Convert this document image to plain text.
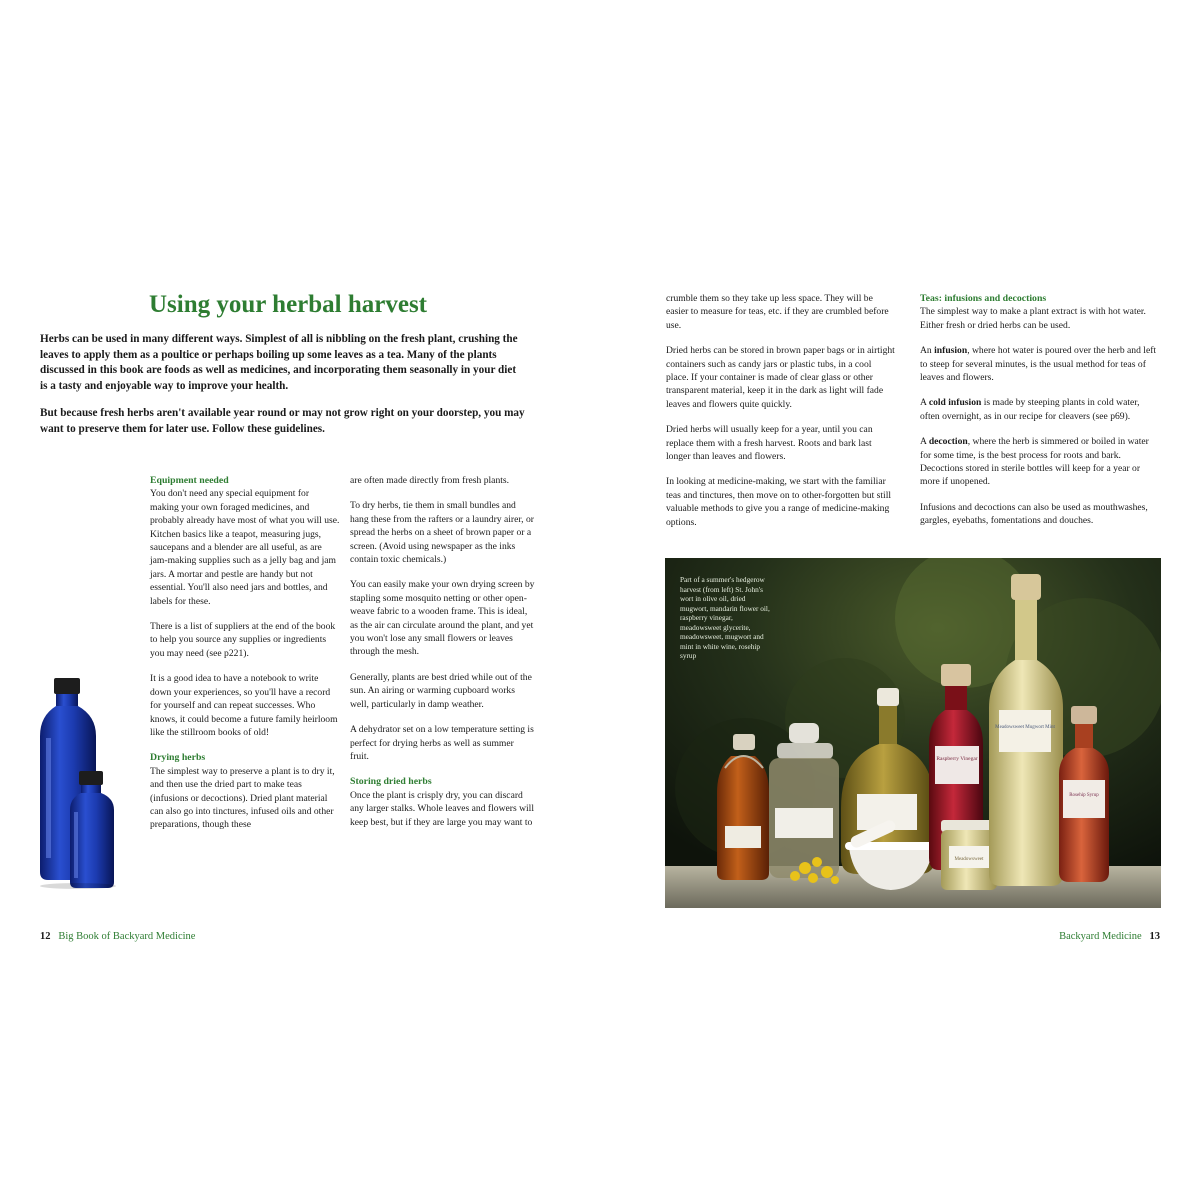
Using your herbal harvest

Herbs can be used in many different ways. Simplest of all is nibbling on the fresh plant, crushing the leaves to apply them as a poultice or perhaps boiling up some leaves as a tea. Many of the plants discussed in this book are foods as well as medicines, and incorporating them seasonally in your diet is a tasty and enjoyable way to improve your health.

But because fresh herbs aren't available year round or may not grow right on your doorstep, you may want to preserve them for later use. Follow these guidelines.

Equipment needed

You don't need any special equipment for making your own foraged medicines, and probably already have most of what you will use. Kitchen basics like a teapot, measuring jugs, saucepans and a blender are all useful, as are jam-making supplies such as a jelly bag and jam jars. A mortar and pestle are handy but not essential. You'll also need jars and bottles, and labels for these.

There is a list of suppliers at the end of the book to help you source any supplies or ingredients you may need (see p221).

It is a good idea to have a notebook to write down your experiences, so you'll have a record for yourself and can repeat successes. Who knows, it could become a future family heirloom like the stillroom books of old!

Drying herbs

The simplest way to preserve a plant is to dry it, and then use the dried part to make teas (infusions or decoctions). Dried plant material can also go into tinctures, infused oils and other preparations, though these

are often made directly from fresh plants.

To dry herbs, tie them in small bundles and hang these from the rafters or a laundry airer, or spread the herbs on a sheet of brown paper or a screen. (Avoid using newspaper as the inks contain toxic chemicals.)

You can easily make your own drying screen by stapling some mosquito netting or other open-weave fabric to a wooden frame. This is ideal, as the air can circulate around the plant, and yet you won't lose any small flowers or leaves through the mesh.

Generally, plants are best dried while out of the sun. An airing or warming cupboard works well, particularly in damp weather.

A dehydrator set on a low temperature setting is perfect for drying herbs as well as summer fruit.

Storing dried herbs

Once the plant is crisply dry, you can discard any larger stalks. Whole leaves and flowers will keep best, but if they are large you may want to

12 Big Book of Backyard Medicine

crumble them so they take up less space. They will be easier to measure for teas, etc. if they are crumbled before use.

Dried herbs can be stored in brown paper bags or in airtight containers such as candy jars or plastic tubs, in a cool place. If your container is made of clear glass or other transparent material, keep it in the dark as light will fade leaves and flowers quite quickly.

Dried herbs will usually keep for a year, until you can replace them with a fresh harvest. Roots and bark last longer than leaves and flowers.

In looking at medicine-making, we start with the familiar teas and tinctures, then move on to other-forgotten but still valuable methods to give you a range of medicine-making options.

Teas: infusions and decoctions

The simplest way to make a plant extract is with hot water. Either fresh or dried herbs can be used.

An infusion, where hot water is poured over the herb and left to steep for several minutes, is the usual method for teas of leaves and flowers.

A cold infusion is made by steeping plants in cold water, often overnight, as in our recipe for cleavers (see p69).

A decoction, where the herb is simmered or boiled in water for some time, is the best process for roots and bark. Decoctions stored in sterile bottles will keep for a year or more if unopened.

Infusions and decoctions can also be used as mouthwashes, gargles, eyebaths, fomentations and douches.

Raspberry Vinegar
Meadowsweet
Meadowsweet Mugwort Mint
Rosehip Syrup
Part of a summer's hedgerow harvest (from left) St. John's wort in olive oil, dried mugwort, mandarin flower oil, raspberry vinegar, meadowsweet glycerite, meadowsweet, mugwort and mint in white wine, rosehip syrup
Backyard Medicine 13
